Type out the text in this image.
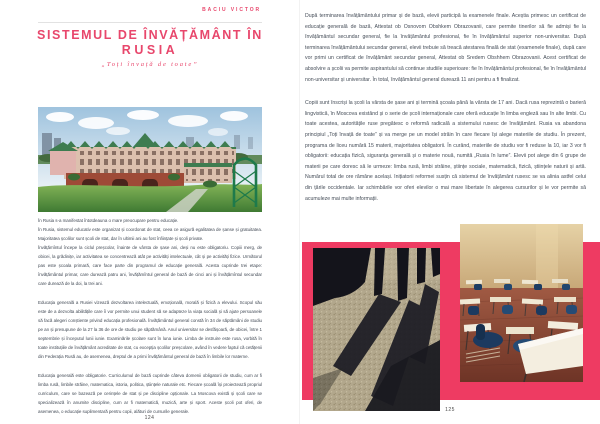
BACIU VICTOR
SISTEMUL DE ÎNVĂȚĂMÂNT ÎN
RUSIA
„Toți învață de toate”

În Rusia s-a manifestat întotdeauna o mare preocupare pentru educație.

În Rusia, sistemul educativ este organizat și coordonat de stat, ceea ce asigură egalitatea de șanse și gratuitatea. Majoritatea școlilor sunt școli de stat, dar în ultimii ani au fost înființate și școli private.

Învățămîntul începe la ciclul preșcolar, înainte de vârsta de șase ani, deși nu este obligatoriu. Copiii merg, de obicei, la grădinițe, iar activitatea se concentrează atât pe activități intelectuale, cât și pe activități fizice. Următorul pas este școala primară, care face parte din programul de educație generală. Acesta cuprinde trei etape: învățământul primar, care durează patru ani, învățămîntul general de bază de cinci ani și învățămîntul secundar care durează de la doi, la trei ani.

Educația generală a Rusiei vizează dezvoltarea intelectuală, emoțională, morală și fizică a elevului. Scopul său este de a dezvolta abilitățile care îi vor permite unui student să se adapteze la viața socială și să ajute persoanele să facă alegeri conștiente privind educația profesională. Învățământul general constă în 34 de săptămâni de studiu pe an și presupune de la 27 la 36 de ore de studiu pe săptămână. Anul universitar se desfășoară, de obicei, între 1 septembrie și începutul lunii iunie. Examinările școlare sunt în luna iunie. Limba de instruire este rusa, vorbită în toate instituțiile de învățământ acreditate de stat, cu excepția școlilor preșcolare, având în vedere faptul că cetățenii din Federația Rusă au, de asemenea, dreptul de a primi învățământul general de bază în limbile lor materne.

Educația generală este obligatorie. Curriculumul de bază cuprinde câteva domenii obligatorii de studiu, cum ar fi limba rusă, limbile străine, matematica, istoria, politica, științele naturale etc. Fiecare școală își proiectează propriul curriculum, care se bazează pe cerințele de stat și pe discipline opționale. La Moscova există și școli care se specializează în anumite discipline, cum ar fi matematică, muzică, arte și sport. Aceste școli pot oferi, de asemenea, o educație suplimentară pentru copii, alături de cursurile generale.

124

După terminarea învățământului primar și de bază, elevii participă la examenele finale. Aceștia primesc un certificat de educație generală de bază, Attestat ob Osnovom Obshkem Obrazovanii, care permite tinerilor să fie admiși fie la învățământul secundar general, fie la învățământul profesional, fie în învățământul superior non-universitar. După terminarea învățământului secundar general, elevii trebuie să treacă atestarea finală de stat (examenele finale), după care vor primi un certificat de învățământ secundar general, Attestat ob Sredem Obshhem Obrazovanii. Acest certificat de absolvire a școlii va permite aspirantului să continue studiile superioare: fie în învățământul profesional, fie în învățământul non-universitar și universitar. În total, învățământul general durează 11 ani pentru a fi finalizat.

Copiii sunt înscriși la școli la vârsta de șase ani și termină școala până la vârsta de 17 ani. Dacă rusa reprezintă o barieră lingvistică, în Moscova existând și o serie de școli internaționale care oferă educație în limba engleză sau în alte limbi. Cu toate acestea, autoritățile ruse pregătesc o reformă radicală a sistemului rusesc de învățământ. Rusia va abandona principiul „Toți învață de toate” și va merge pe un model străin în care fiecare își alege materiile de studiu. În prezent, programa de liceu numără 15 materii, majoritatea obligatorii. În curând, materiile de studiu vor fi reduse la 10, iar 3 vor fi obligatorii: educația fizică, siguranța generală și o materie nouă, numită „Rusia în lume”. Elevii pot alege din 6 grupe de materii pe care doresc să le urmeze: limba rusă, limbi străine, științe sociale, matematică, fizică, științele naturii și artă. Numărul total de ore rămâne același. Inițiatorii reformei susțin că sistemul de învățământ rusesc se va alinia astfel celui din țările occidentale. Iar schimbările vor oferi elevilor o mai mare libertate în alegerea cursurilor și le vor permite să acumuleze mai multe informații.

125
